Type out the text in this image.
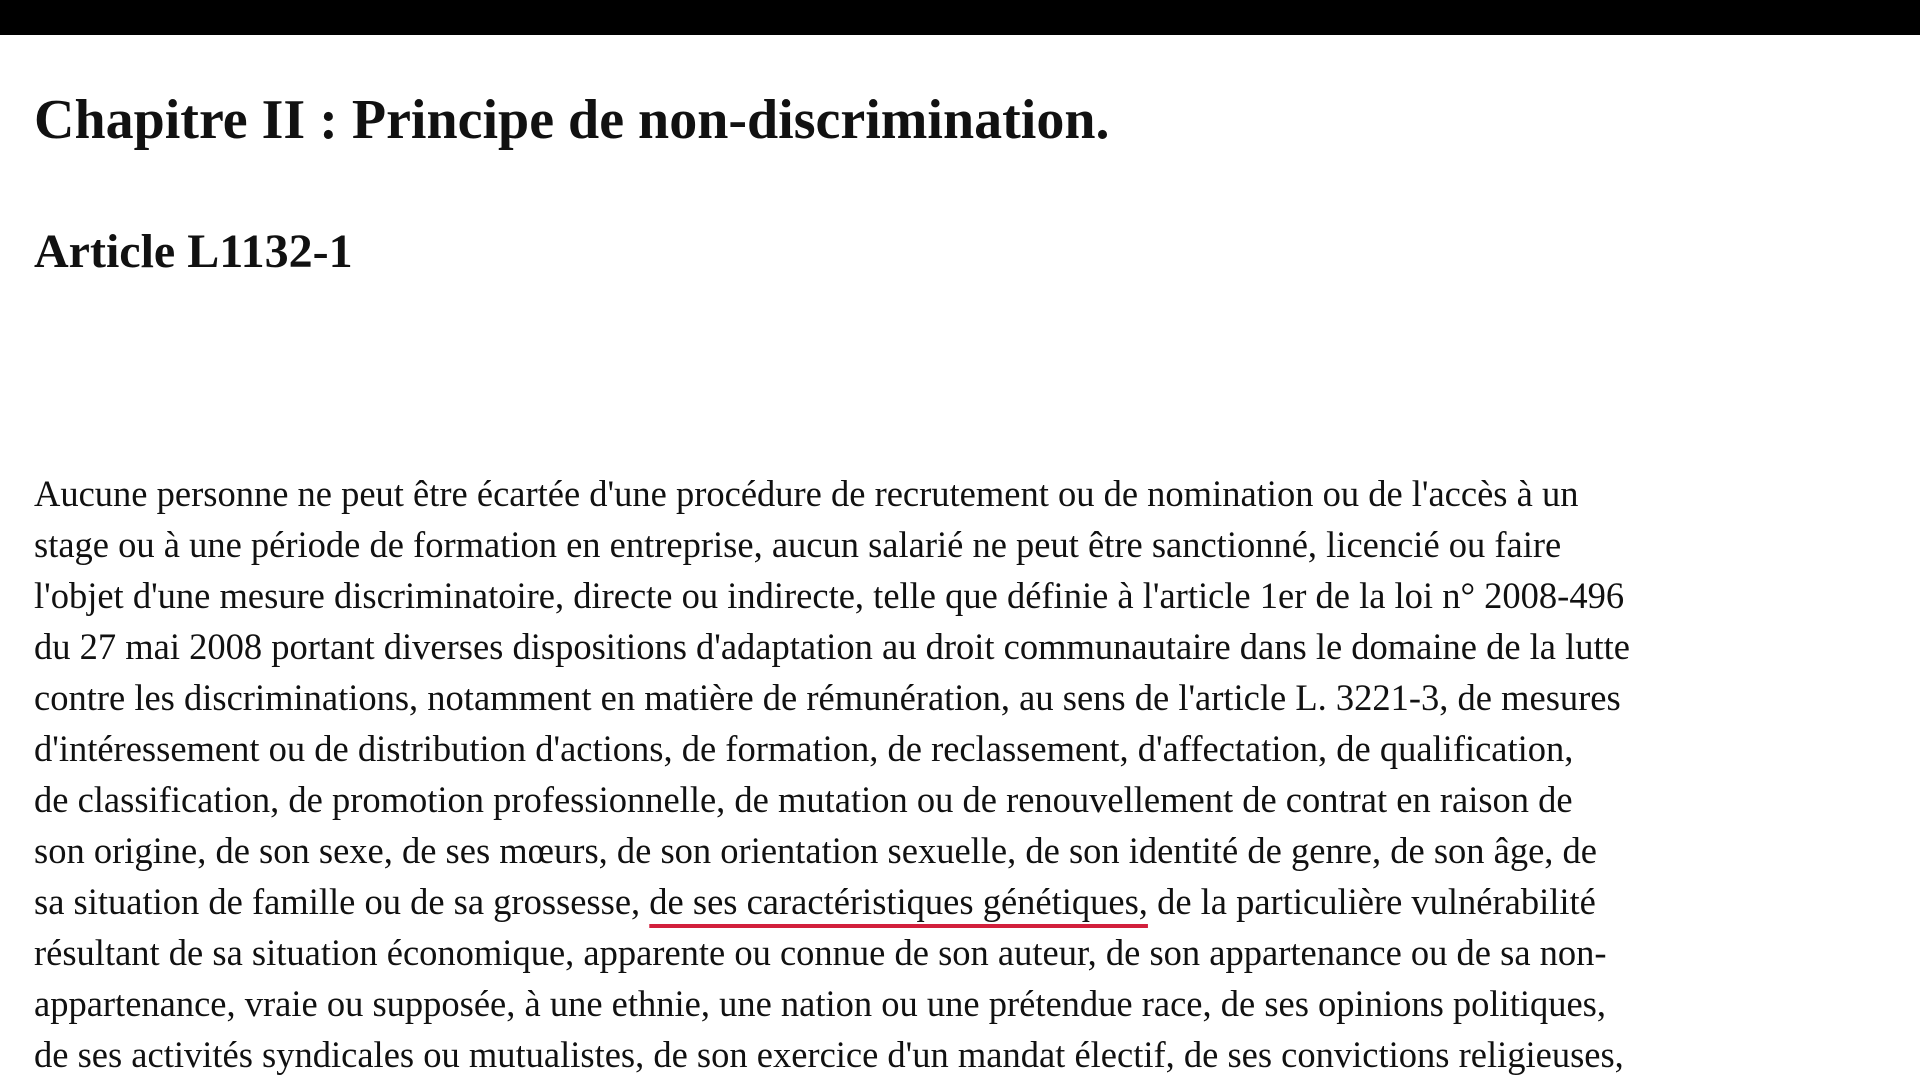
Chapitre II : Principe de non-discrimination.
Article L1132-1

Aucune personne ne peut être écartée d'une procédure de recrutement ou de nomination ou de l'accès à un
stage ou à une période de formation en entreprise, aucun salarié ne peut être sanctionné, licencié ou faire
l'objet d'une mesure discriminatoire, directe ou indirecte, telle que définie à l'article 1er de la loi n° 2008-496
du 27 mai 2008 portant diverses dispositions d'adaptation au droit communautaire dans le domaine de la lutte
contre les discriminations, notamment en matière de rémunération, au sens de l'article L. 3221-3, de mesures
d'intéressement ou de distribution d'actions, de formation, de reclassement, d'affectation, de qualification,
de classification, de promotion professionnelle, de mutation ou de renouvellement de contrat en raison de
son origine, de son sexe, de ses mœurs, de son orientation sexuelle, de son identité de genre, de son âge, de
sa situation de famille ou de sa grossesse, de ses caractéristiques génétiques, de la particulière vulnérabilité
résultant de sa situation économique, apparente ou connue de son auteur, de son appartenance ou de sa non-
appartenance, vraie ou supposée, à une ethnie, une nation ou une prétendue race, de ses opinions politiques,
de ses activités syndicales ou mutualistes, de son exercice d'un mandat électif, de ses convictions religieuses,
